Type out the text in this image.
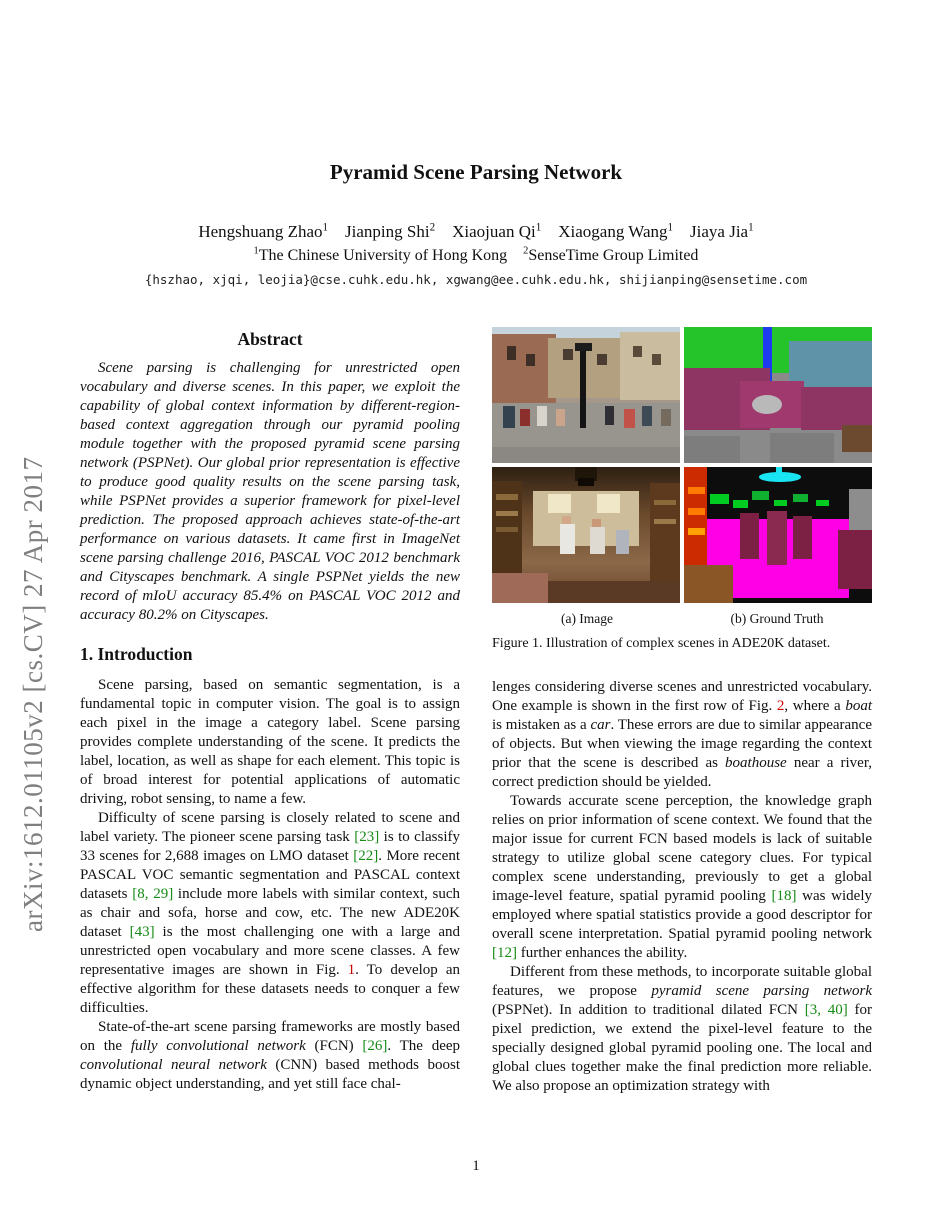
arXiv:1612.01105v2 [cs.CV] 27 Apr 2017
Pyramid Scene Parsing Network
Hengshuang Zhao$^1$  Jianping Shi$^2$  Xiaojuan Qi$^1$  Xiaogang Wang$^1$  Jiaya Jia$^1$
$^1$The Chinese University of Hong Kong  $^2$SenseTime Group Limited
{hszhao, xjqi, leojia}@cse.cuhk.edu.hk, xgwang@ee.cuhk.edu.hk, shijianping@sensetime.com
Abstract

Scene parsing is challenging for unrestricted open vocabulary and diverse scenes. In this paper, we exploit the capability of global context information by different-region-based context aggregation through our pyramid pooling module together with the proposed pyramid scene parsing network (PSPNet). Our global prior representation is effective to produce good quality results on the scene parsing task, while PSPNet provides a superior framework for pixel-level prediction. The proposed approach achieves state-of-the-art performance on various datasets. It came first in ImageNet scene parsing challenge 2016, PASCAL VOC 2012 benchmark and Cityscapes benchmark. A single PSPNet yields the new record of mIoU accuracy 85.4% on PASCAL VOC 2012 and accuracy 80.2% on Cityscapes.

1. Introduction

Scene parsing, based on semantic segmentation, is a fundamental topic in computer vision. The goal is to assign each pixel in the image a category label. Scene parsing provides complete understanding of the scene. It predicts the label, location, as well as shape for each element. This topic is of broad interest for potential applications of automatic driving, robot sensing, to name a few.

Difficulty of scene parsing is closely related to scene and label variety. The pioneer scene parsing task [23] is to classify 33 scenes for 2,688 images on LMO dataset [22]. More recent PASCAL VOC semantic segmentation and PASCAL context datasets [8, 29] include more labels with similar context, such as chair and sofa, horse and cow, etc. The new ADE20K dataset [43] is the most challenging one with a large and unrestricted open vocabulary and more scene classes. A few representative images are shown in Fig. 1. To develop an effective algorithm for these datasets needs to conquer a few difficulties.

State-of-the-art scene parsing frameworks are mostly based on the fully convolutional network (FCN) [26]. The deep convolutional neural network (CNN) based methods boost dynamic object understanding, and yet still face chal-

(a) Image	(b) Ground Truth

Figure 1. Illustration of complex scenes in ADE20K dataset.

lenges considering diverse scenes and unrestricted vocabulary. One example is shown in the first row of Fig. 2, where a boat is mistaken as a car. These errors are due to similar appearance of objects. But when viewing the image regarding the context prior that the scene is described as boathouse near a river, correct prediction should be yielded.

Towards accurate scene perception, the knowledge graph relies on prior information of scene context. We found that the major issue for current FCN based models is lack of suitable strategy to utilize global scene category clues. For typical complex scene understanding, previously to get a global image-level feature, spatial pyramid pooling [18] was widely employed where spatial statistics provide a good descriptor for overall scene interpretation. Spatial pyramid pooling network [12] further enhances the ability.

Different from these methods, to incorporate suitable global features, we propose pyramid scene parsing network (PSPNet). In addition to traditional dilated FCN [3, 40] for pixel prediction, we extend the pixel-level feature to the specially designed global pyramid pooling one. The local and global clues together make the final prediction more reliable. We also propose an optimization strategy with

1
